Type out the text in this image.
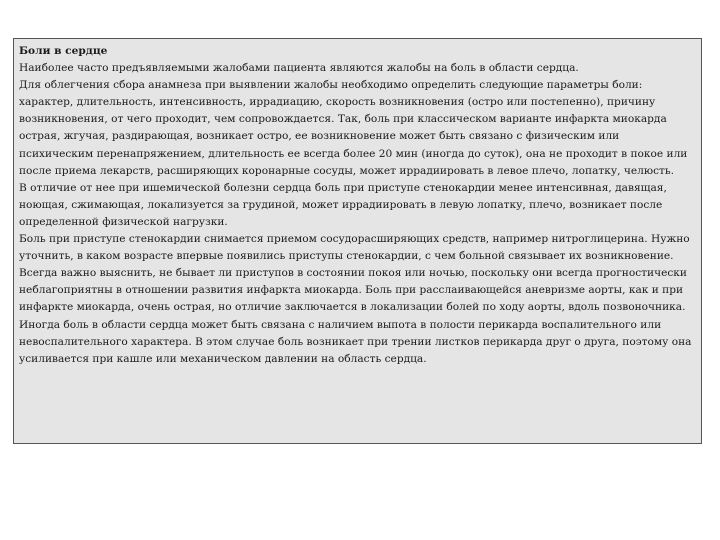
Боли в сердце

Наиболее часто предъявляемыми жалобами пациента являются жалобы на боль в области сердца.

Для облегчения сбора анамнеза при выявлении жалобы необходимо определить следующие параметры боли: характер, длительность, интенсивность, иррадиацию, скорость возникновения (остро или постепенно), причину возникновения, от чего проходит, чем сопровождается. Так, боль при классическом варианте инфаркта миокарда острая, жгучая, раздирающая, возникает остро, ее возникновение может быть связано с физическим или психическим перенапряжением, длительность ее всегда более 20 мин (иногда до суток), она не проходит в покое или после приема лекарств, расширяющих коронарные сосуды, может иррадиировать в левое плечо, лопатку, челюсть.

В отличие от нее при ишемической болезни сердца боль при приступе стенокардии менее интенсивная, давящая, ноющая, сжимающая, локализуется за грудиной, может иррадиировать в левую лопатку, плечо, возникает после определенной физической нагрузки.

Боль при приступе стенокардии снимается приемом сосудорасширяющих средств, например нитроглицерина. Нужно уточнить, в каком возрасте впервые появились приступы стенокардии, с чем больной связывает их возникновение. Всегда важно выяснить, не бывает ли приступов в состоянии покоя или ночью, поскольку они всегда прогностически неблагоприятны в отношении развития инфаркта миокарда. Боль при расслаивающейся аневризме аорты, как и при инфаркте миокарда, очень острая, но отличие заключается в локализации болей по ходу аорты, вдоль позвоночника. Иногда боль в области сердца может быть связана с наличием выпота в полости перикарда воспалительного или невоспалительного характера. В этом случае боль возникает при трении листков перикарда друг о друга, поэтому она усиливается при кашле или механическом давлении на область сердца.
